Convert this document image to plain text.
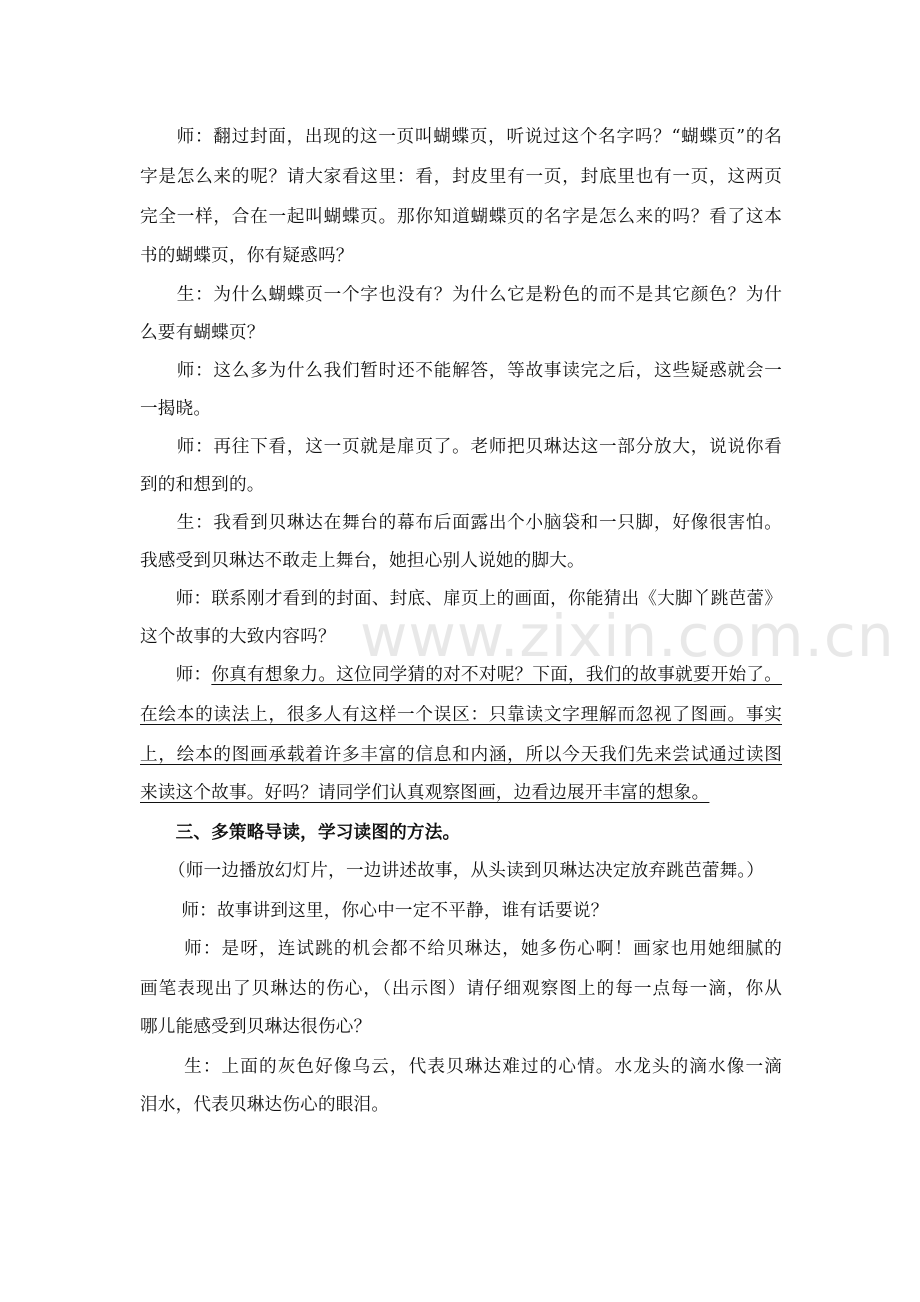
　　师：翻过封面，出现的这一页叫蝴蝶页，听说过这个名字吗？“蝴蝶页”的名
字是怎么来的呢？请大家看这里：看，封皮里有一页，封底里也有一页，这两页
完全一样，合在一起叫蝴蝶页。那你知道蝴蝶页的名字是怎么来的吗？看了这本
书的蝴蝶页，你有疑惑吗？
　　生：为什么蝴蝶页一个字也没有？为什么它是粉色的而不是其它颜色？为什
么要有蝴蝶页？
　　师：这么多为什么我们暂时还不能解答，等故事读完之后，这些疑惑就会一
一揭晓。
　　师：再往下看，这一页就是扉页了。老师把贝琳达这一部分放大，说说你看
到的和想到的。
　　生：我看到贝琳达在舞台的幕布后面露出个小脑袋和一只脚，好像很害怕。
我感受到贝琳达不敢走上舞台，她担心别人说她的脚大。
　　师：联系刚才看到的封面、封底、扉页上的画面，你能猜出《大脚丫跳芭蕾》
这个故事的大致内容吗？
　　师：你真有想象力。这位同学猜的对不对呢？下面，我们的故事就要开始了。
在绘本的读法上，很多人有这样一个误区：只靠读文字理解而忽视了图画。事实
上，绘本的图画承载着许多丰富的信息和内涵，所以今天我们先来尝试通过读图
来读这个故事。好吗？请同学们认真观察图画，边看边展开丰富的想象。
　　三、多策略导读，学习读图的方法。
（师一边播放幻灯片，一边讲述故事，从头读到贝琳达决定放弃跳芭蕾舞。）
　　 师：故事讲到这里，你心中一定不平静，谁有话要说？
　　 师：是呀，连试跳的机会都不给贝琳达，她多伤心啊！画家也用她细腻的
画笔表现出了贝琳达的伤心，（出示图）请仔细观察图上的每一点每一滴，你从
哪儿能感受到贝琳达很伤心？
　　 生：上面的灰色好像乌云，代表贝琳达难过的心情。水龙头的滴水像一滴
泪水，代表贝琳达伤心的眼泪。
www.zixin.com.cn
